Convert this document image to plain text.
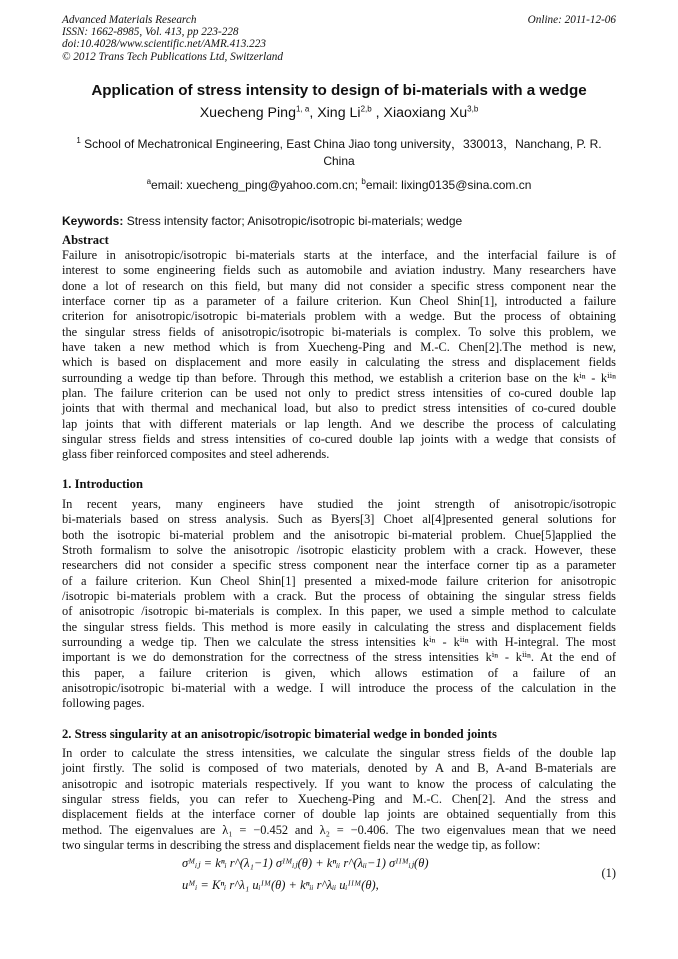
Advanced Materials Research
ISSN: 1662-8985, Vol. 413, pp 223-228
doi:10.4028/www.scientific.net/AMR.413.223
© 2012 Trans Tech Publications Ltd, Switzerland
Online: 2011-12-06
Application of stress intensity to design of bi-materials with a wedge
Xuecheng Ping$^{1, a}$, Xing Li$^{2,b}$ , Xiaoxiang Xu$^{3,b}$
$^1$ School of Mechatronical Engineering, East China Jiao tong university，330013，Nanchang, P. R.
China
$^a$email: xuecheng_ping@yahoo.com.cn; $^b$email: lixing0135@sina.com.cn
Keywords: Stress intensity factor; Anisotropic/isotropic bi-materials; wedge
Abstract
Failure in anisotropic/isotropic bi-materials starts at the interface, and the interfacial failure is of
interest to some engineering fields such as automobile and aviation industry. Many researchers have
done a lot of research on this field, but many did not consider a specific stress component near the
interface corner tip as a parameter of a failure criterion. Kun Cheol Shin[1], introducted a failure
criterion for anisotropic/isotropic bi-materials problem with a wedge. But the process of obtaining
the singular stress fields of anisotropic/isotropic bi-materials is complex. To solve this problem, we
have taken a new method which is from Xuecheng-Ping and M.-C. Chen[2].The method is new,
which is based on displacement and more easily in calculating the stress and displacement fields
surrounding a wedge tip than before. Through this method, we establish a criterion base on the kⁱⁿ - kⁱⁱⁿ
plan. The failure criterion can be used not only to predict stress intensities of co-cured double lap
joints that with thermal and mechanical load, but also to predict stress intensities of co-cured double
lap joints that with different materials or lap length. And we describe the process of calculating
singular stress fields and stress intensities of co-cured double lap joints with a wedge that consists of
glass fiber reinforced composites and steel adherends.
1. Introduction
In recent years, many engineers have studied the joint strength of anisotropic/isotropic
bi-materials based on stress analysis. Such as Byers[3] Choet al[4]presented general solutions for
both the isotropic bi-material problem and the anisotropic bi-material problem. Chue[5]applied the
Stroth formalism to solve the anisotropic /isotropic elasticity problem with a crack. However, these
researchers did not consider a specific stress component near the interface corner tip as a parameter
of a failure criterion. Kun Cheol Shin[1] presented a mixed-mode failure criterion for anisotropic
/isotropic bi-materials problem with a crack. But the process of obtaining the singular stress fields
of anisotropic /isotropic bi-materials is complex. In this paper, we used a simple method to calculate
the singular stress fields. This method is more easily in calculating the stress and displacement fields
surrounding a wedge tip. Then we calculate the stress intensities kⁱⁿ - kⁱⁱⁿ with H-integral. The most
important is we do demonstration for the correctness of the stress intensities kⁱⁿ - kⁱⁱⁿ. At the end of
this paper, a failure criterion is given, which allows estimation of a failure of an
anisotropic/isotropic bi-material with a wedge. I will introduce the process of the calculation in the
following pages.
2. Stress singularity at an anisotropic/isotropic bimaterial wedge in bonded joints
In order to calculate the stress intensities, we calculate the singular stress fields of the double lap
joint firstly. The solid is composed of two materials, denoted by A and B, A-and B-materials are
anisotropic and isotropic materials respectively. If you want to know the process of calculating the
singular stress fields, you can refer to Xuecheng-Ping and M.-C. Chen[2]. And the stress and
displacement fields at the interface corner of double lap joints are obtained sequentially from this
method. The eigenvalues are λ₁ = −0.452 and λ₂ = −0.406. The two eigenvalues mean that we need
two singular terms in describing the stress and displacement fields near the wedge tip, as follow:
σᴹᵢⱼ = kⁿᵢ r^(λ₁−1) σᴵᴹᵢⱼ(θ) + kⁿᵢᵢ r^(λᵢᵢ−1) σᴵᴵᴹᵢⱼ(θ)
uᴹᵢ = Kⁿᵢ r^λ₁ uᵢᴵᴹ(θ) + kⁿᵢᵢ r^λᵢᵢ uᵢᴵᴵᴹ(θ),
(1)
